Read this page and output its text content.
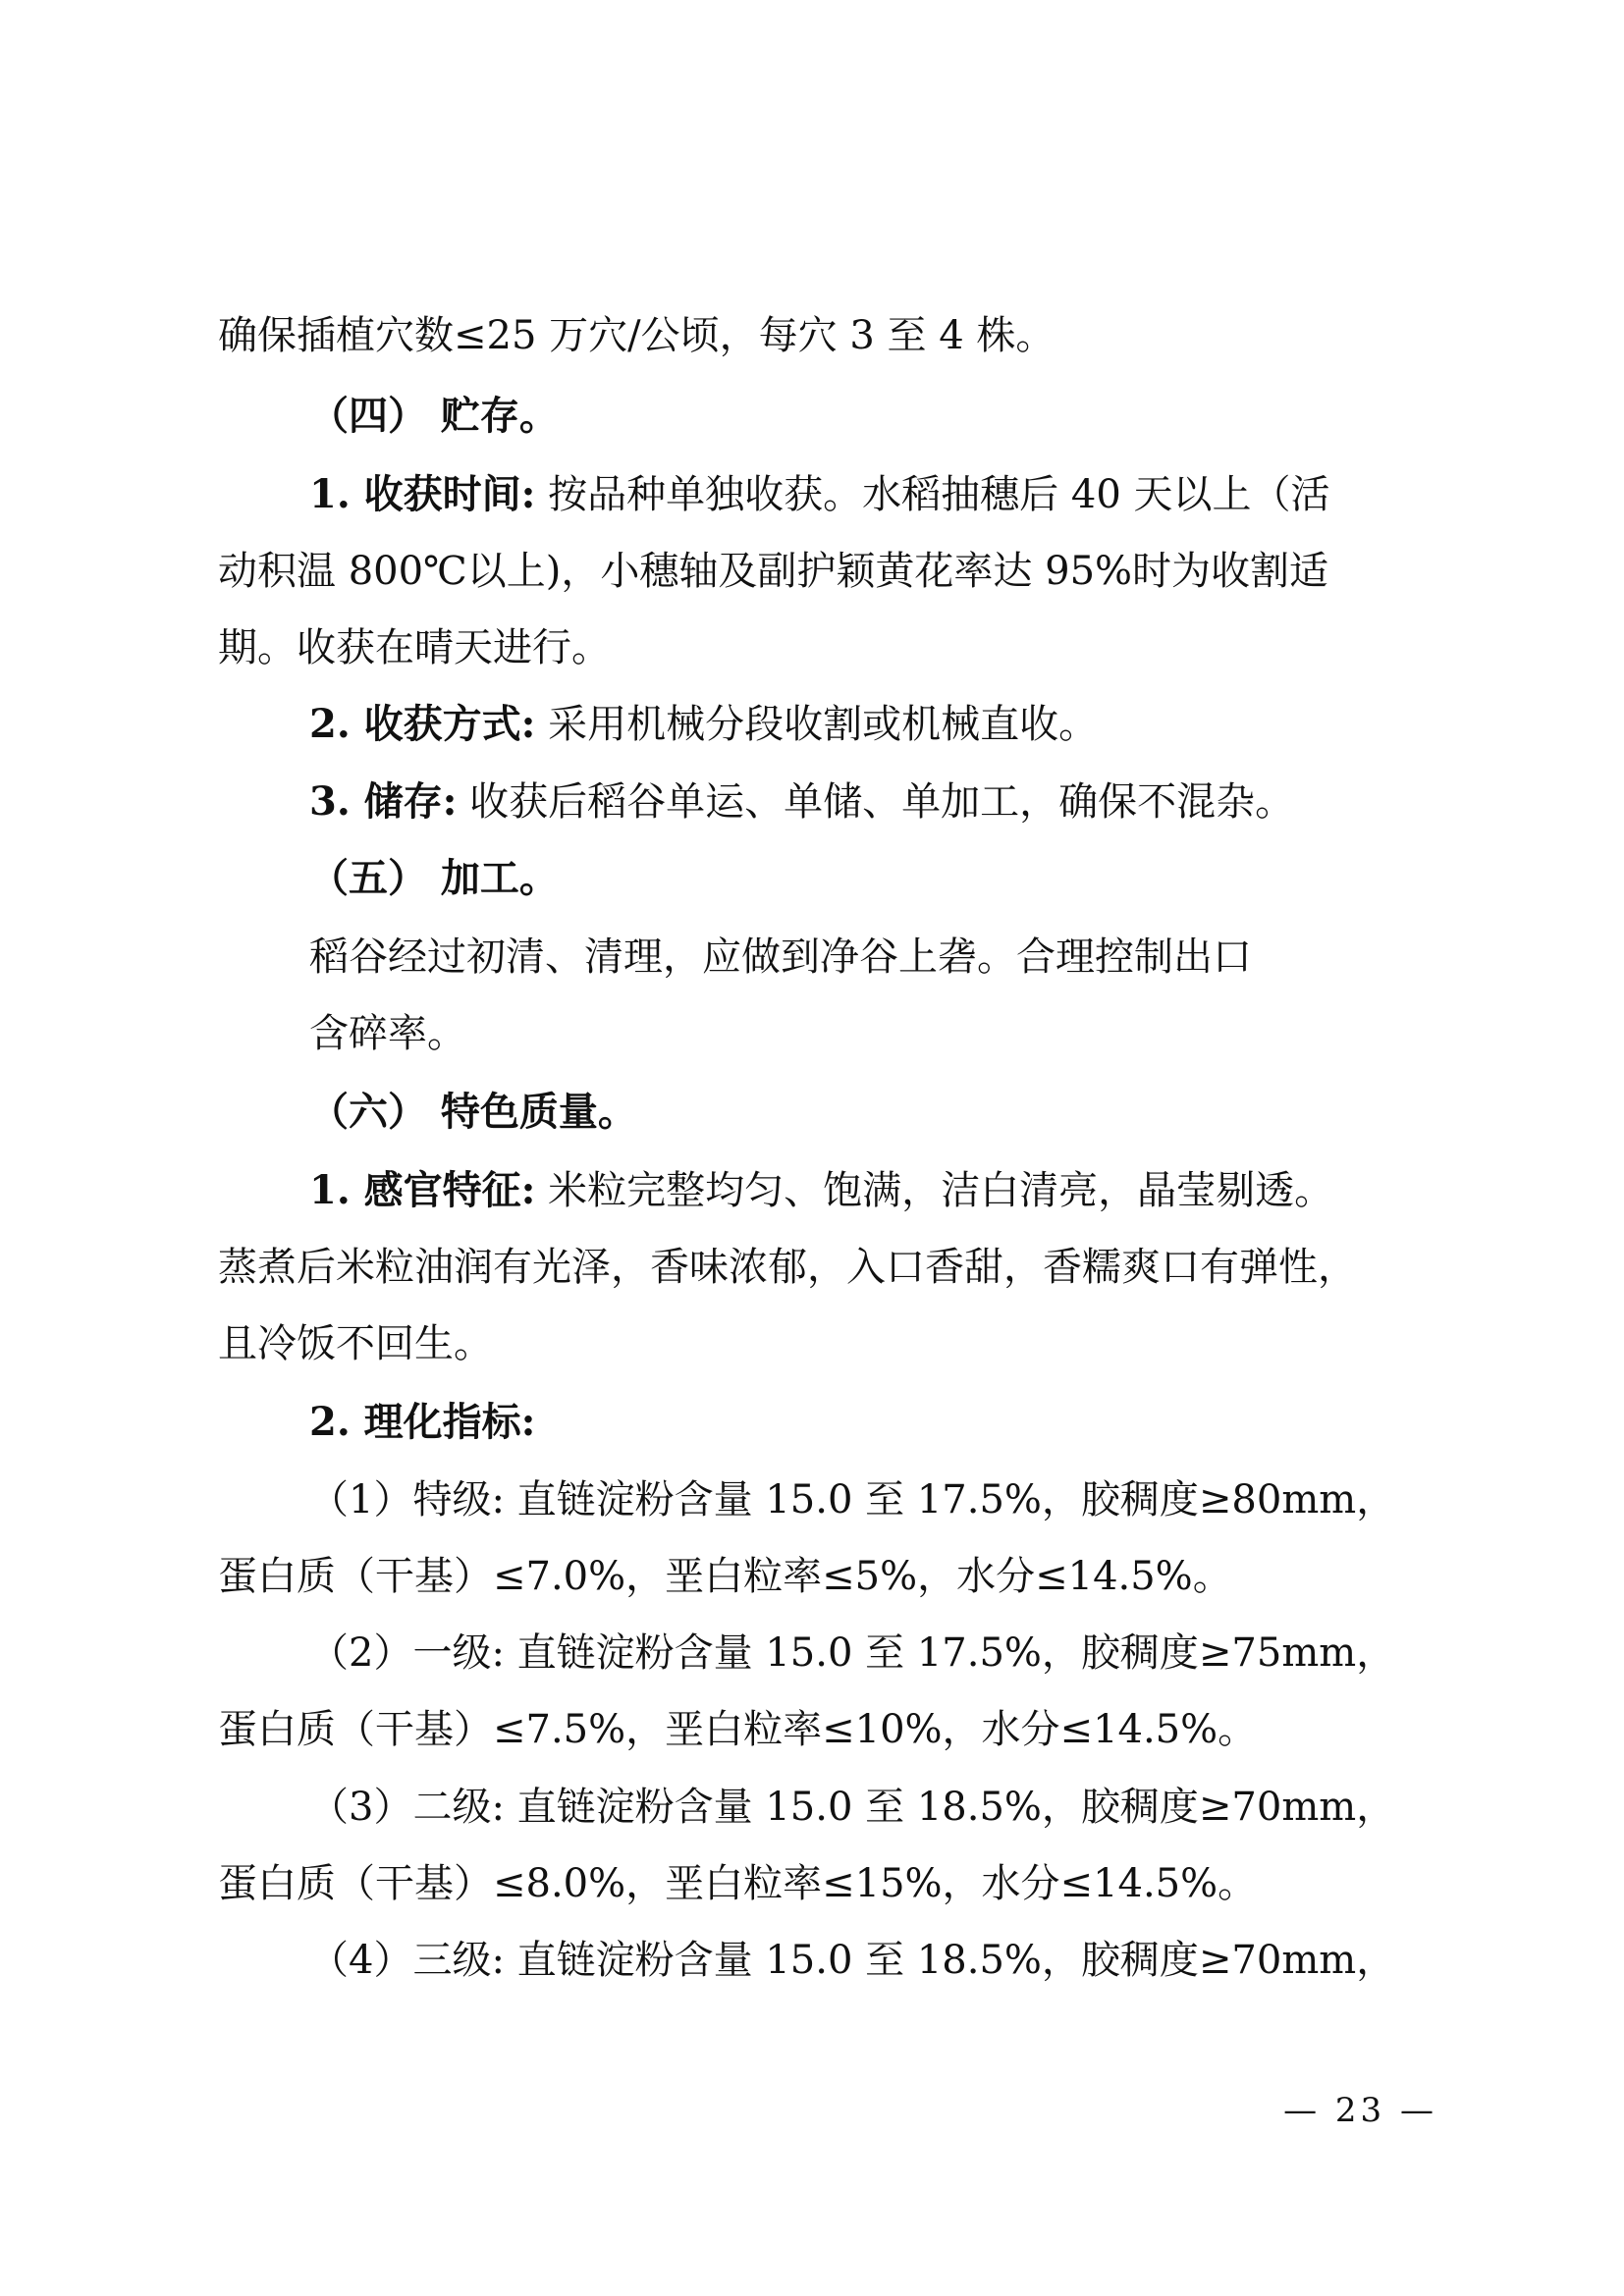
确保插植穴数≤25 万穴/公顷，每穴 3 至 4 株。
（四） 贮存。
1. 收获时间: 按品种单独收获。水稻抽穗后 40 天以上（活
动积温 800℃以上)，小穗轴及副护颖黄花率达 95%时为收割适
期。收获在晴天进行。
2. 收获方式: 采用机械分段收割或机械直收。
3. 储存: 收获后稻谷单运、单储、单加工，确保不混杂。
（五） 加工。
稻谷经过初清、清理，应做到净谷上砻。合理控制出口
含碎率。
（六） 特色质量。
1. 感官特征: 米粒完整均匀、饱满，洁白清亮，晶莹剔透。
蒸煮后米粒油润有光泽，香味浓郁，入口香甜，香糯爽口有弹性，
且冷饭不回生。
2. 理化指标:
（1）特级: 直链淀粉含量 15.0 至 17.5%，胶稠度≥80mm，
蛋白质（干基）≤7.0%，垩白粒率≤5%，水分≤14.5%。
（2）一级: 直链淀粉含量 15.0 至 17.5%，胶稠度≥75mm，
蛋白质（干基）≤7.5%，垩白粒率≤10%，水分≤14.5%。
（3）二级: 直链淀粉含量 15.0 至 18.5%，胶稠度≥70mm，
蛋白质（干基）≤8.0%，垩白粒率≤15%，水分≤14.5%。
（4）三级: 直链淀粉含量 15.0 至 18.5%，胶稠度≥70mm，
— 23 —
